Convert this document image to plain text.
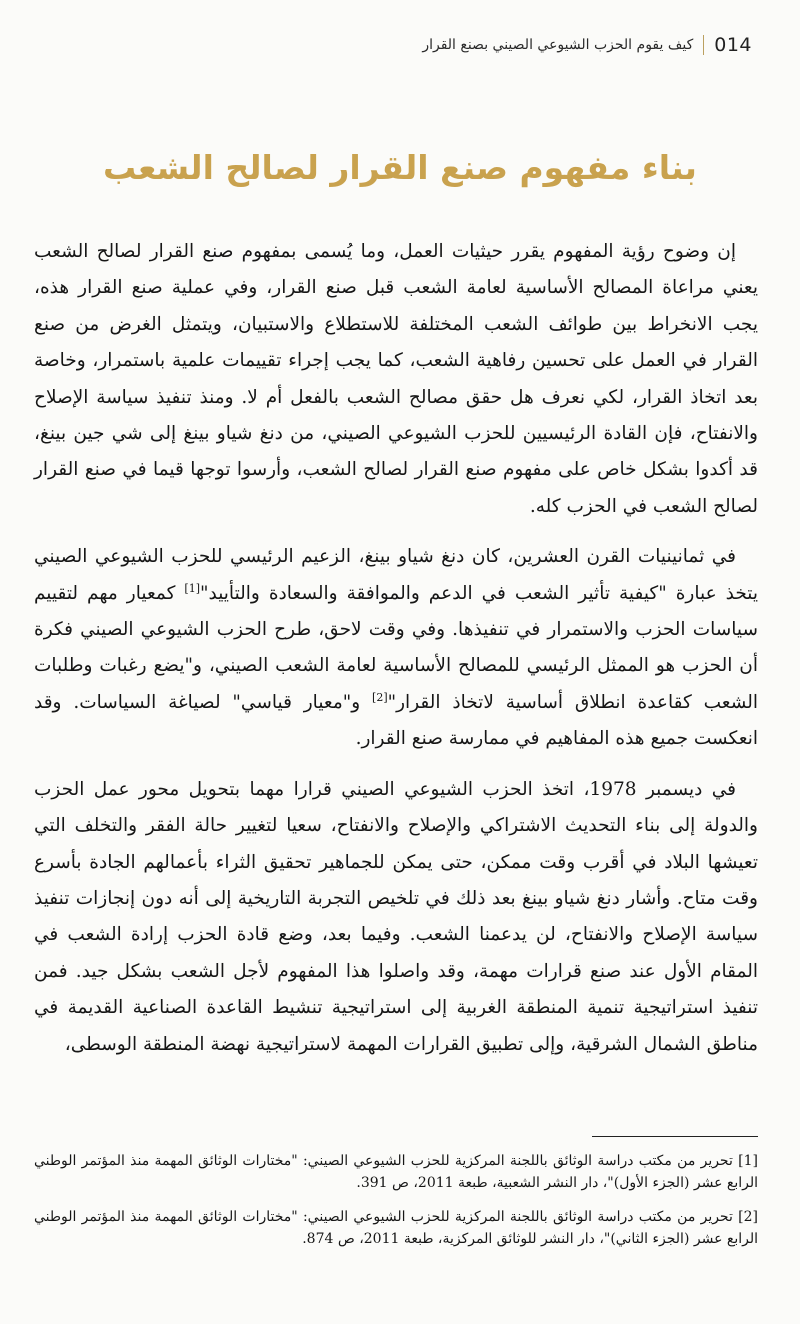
014
كيف يقوم الحزب الشيوعي الصيني بصنع القرار
بناء مفهوم صنع القرار لصالح الشعب

إن وضوح رؤية المفهوم يقرر حيثيات العمل، وما يُسمى بمفهوم صنع القرار لصالح الشعب يعني مراعاة المصالح الأساسية لعامة الشعب قبل صنع القرار، وفي عملية صنع القرار هذه، يجب الانخراط بين طوائف الشعب المختلفة للاستطلاع والاستبيان، ويتمثل الغرض من صنع القرار في العمل على تحسين رفاهية الشعب، كما يجب إجراء تقييمات علمية باستمرار، وخاصة بعد اتخاذ القرار، لكي نعرف هل حقق مصالح الشعب بالفعل أم لا. ومنذ تنفيذ سياسة الإصلاح والانفتاح، فإن القادة الرئيسيين للحزب الشيوعي الصيني، من دنغ شياو بينغ إلى شي جين بينغ، قد أكدوا بشكل خاص على مفهوم صنع القرار لصالح الشعب، وأرسوا توجها قيما في صنع القرار لصالح الشعب في الحزب كله.

في ثمانينيات القرن العشرين، كان دنغ شياو بينغ، الزعيم الرئيسي للحزب الشيوعي الصيني يتخذ عبارة "كيفية تأثير الشعب في الدعم والموافقة والسعادة والتأييد"[1] كمعيار مهم لتقييم سياسات الحزب والاستمرار في تنفيذها. وفي وقت لاحق، طرح الحزب الشيوعي الصيني فكرة أن الحزب هو الممثل الرئيسي للمصالح الأساسية لعامة الشعب الصيني، و"يضع رغبات وطلبات الشعب كقاعدة انطلاق أساسية لاتخاذ القرار"[2] و"معيار قياسي" لصياغة السياسات. وقد انعكست جميع هذه المفاهيم في ممارسة صنع القرار.

في ديسمبر 1978، اتخذ الحزب الشيوعي الصيني قرارا مهما بتحويل محور عمل الحزب والدولة إلى بناء التحديث الاشتراكي والإصلاح والانفتاح، سعيا لتغيير حالة الفقر والتخلف التي تعيشها البلاد في أقرب وقت ممكن، حتى يمكن للجماهير تحقيق الثراء بأعمالهم الجادة بأسرع وقت متاح. وأشار دنغ شياو بينغ بعد ذلك في تلخيص التجربة التاريخية إلى أنه دون إنجازات تنفيذ سياسة الإصلاح والانفتاح، لن يدعمنا الشعب. وفيما بعد، وضع قادة الحزب إرادة الشعب في المقام الأول عند صنع قرارات مهمة، وقد واصلوا هذا المفهوم لأجل الشعب بشكل جيد. فمن تنفيذ استراتيجية تنمية المنطقة الغربية إلى استراتيجية تنشيط القاعدة الصناعية القديمة في مناطق الشمال الشرقية، وإلى تطبيق القرارات المهمة لاستراتيجية نهضة المنطقة الوسطى،

[1] تحرير من مكتب دراسة الوثائق باللجنة المركزية للحزب الشيوعي الصيني: "مختارات الوثائق المهمة منذ المؤتمر الوطني الرابع عشر (الجزء الأول)"، دار النشر الشعبية، طبعة 2011، ص 391.

[2] تحرير من مكتب دراسة الوثائق باللجنة المركزية للحزب الشيوعي الصيني: "مختارات الوثائق المهمة منذ المؤتمر الوطني الرابع عشر (الجزء الثاني)"، دار النشر للوثائق المركزية، طبعة 2011، ص 874.
